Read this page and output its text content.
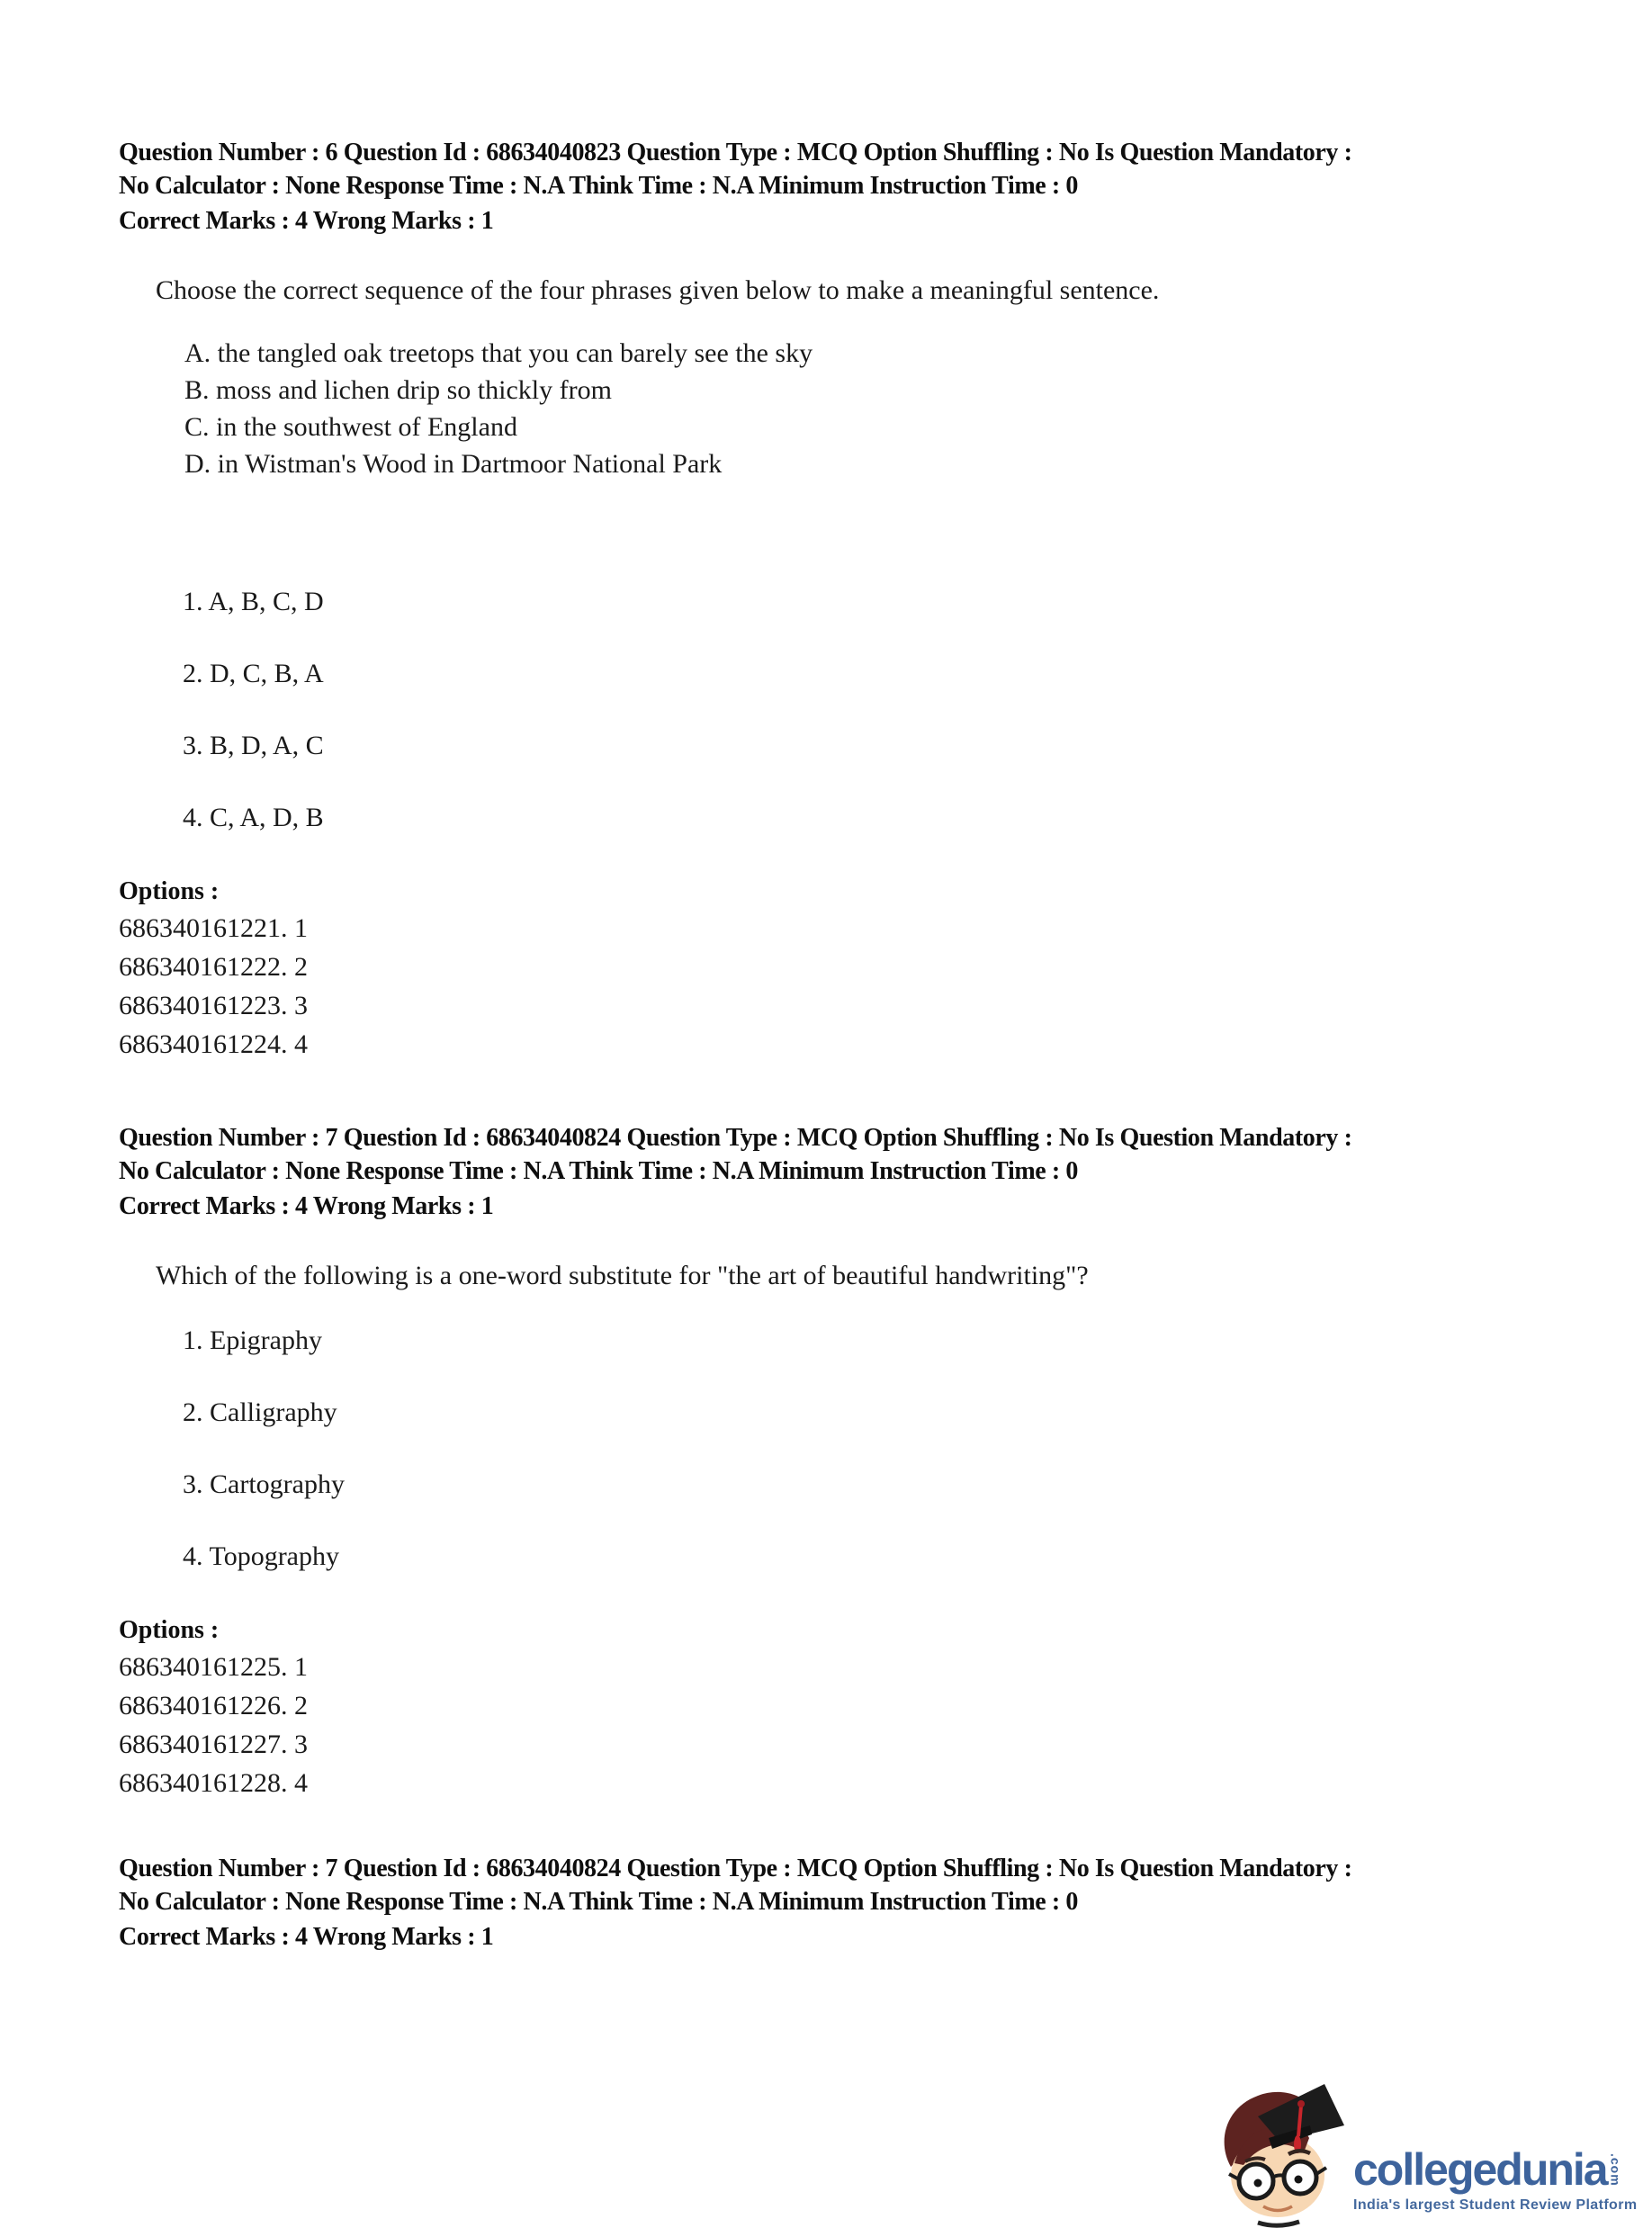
Question Number : 6 Question Id : 68634040823 Question Type : MCQ Option Shuffling : No Is Question Mandatory :
No Calculator : None Response Time : N.A Think Time : N.A Minimum Instruction Time : 0
Correct Marks : 4 Wrong Marks : 1
Choose the correct sequence of the four phrases given below to make a meaningful sentence.
A. the tangled oak treetops that you can barely see the sky
B. moss and lichen drip so thickly from
C. in the southwest of England
D. in Wistman's Wood in Dartmoor National Park
1. A, B, C, D
2. D, C, B, A
3. B, D, A, C
4. C, A, D, B
Options :
686340161221. 1
686340161222. 2
686340161223. 3
686340161224. 4
Question Number : 7 Question Id : 68634040824 Question Type : MCQ Option Shuffling : No Is Question Mandatory :
No Calculator : None Response Time : N.A Think Time : N.A Minimum Instruction Time : 0
Correct Marks : 4 Wrong Marks : 1
Which of the following is a one-word substitute for "the art of beautiful handwriting"?
1. Epigraphy
2. Calligraphy
3. Cartography
4. Topography
Options :
686340161225. 1
686340161226. 2
686340161227. 3
686340161228. 4
Question Number : 7 Question Id : 68634040824 Question Type : MCQ Option Shuffling : No Is Question Mandatory :
No Calculator : None Response Time : N.A Think Time : N.A Minimum Instruction Time : 0
Correct Marks : 4 Wrong Marks : 1
collegedunia .com
India's largest Student Review Platform
